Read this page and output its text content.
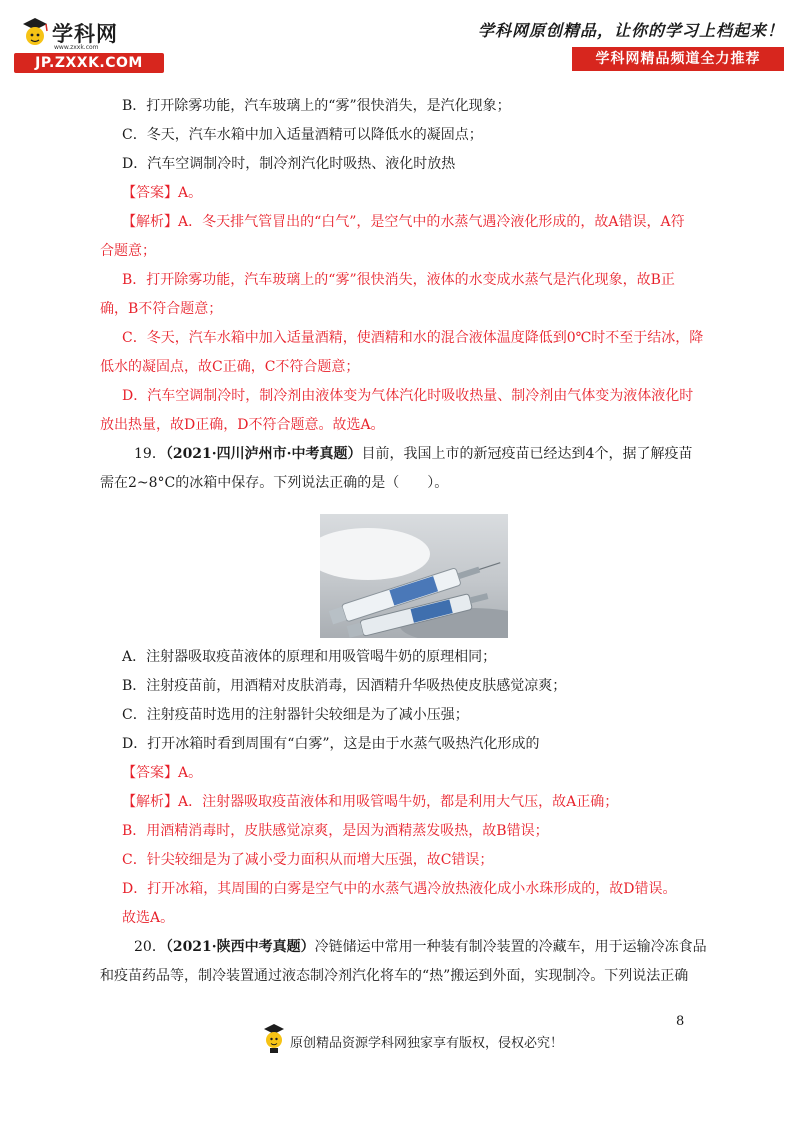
学科网
www.zxxk.com
JP.ZXXK.COM
学科网原创精品，让你的学习上档起来！
学科网精品频道全力推荐
B．打开除雾功能，汽车玻璃上的“雾”很快消失，是汽化现象；
C．冬天，汽车水箱中加入适量酒精可以降低水的凝固点；
D．汽车空调制冷时，制冷剂汽化时吸热、液化时放热
【答案】A。
【解析】A．冬天排气管冒出的“白气”，是空气中的水蒸气遇冷液化形成的，故A错误，A符
合题意；
B．打开除雾功能，汽车玻璃上的“雾”很快消失，液体的水变成水蒸气是汽化现象，故B正
确，B不符合题意；
C．冬天，汽车水箱中加入适量酒精，使酒精和水的混合液体温度降低到0℃时不至于结冰，降
低水的凝固点，故C正确，C不符合题意；
D．汽车空调制冷时，制冷剂由液体变为气体汽化时吸收热量、制冷剂由气体变为液体液化时
放出热量，故D正确，D不符合题意。故选A。
19．（2021·四川泸州市·中考真题）目前，我国上市的新冠疫苗已经达到4个，据了解疫苗
需在2~8°C的冰箱中保存。下列说法正确的是（　　）。
A．注射器吸取疫苗液体的原理和用吸管喝牛奶的原理相同；
B．注射疫苗前，用酒精对皮肤消毒，因酒精升华吸热使皮肤感觉凉爽；
C．注射疫苗时选用的注射器针尖较细是为了减小压强；
D．打开冰箱时看到周围有“白雾”，这是由于水蒸气吸热汽化形成的
【答案】A。
【解析】A．注射器吸取疫苗液体和用吸管喝牛奶，都是利用大气压，故A正确；
B．用酒精消毒时，皮肤感觉凉爽，是因为酒精蒸发吸热，故B错误；
C．针尖较细是为了减小受力面积从而增大压强，故C错误；
D．打开冰箱，其周围的白雾是空气中的水蒸气遇冷放热液化成小水珠形成的，故D错误。
故选A。
20．（2021·陕西中考真题）冷链储运中常用一种装有制冷装置的冷藏车，用于运输冷冻食品
和疫苗药品等，制冷装置通过液态制冷剂汽化将车的“热”搬运到外面，实现制冷。下列说法正确
8
原创精品资源学科网独家享有版权，侵权必究！
